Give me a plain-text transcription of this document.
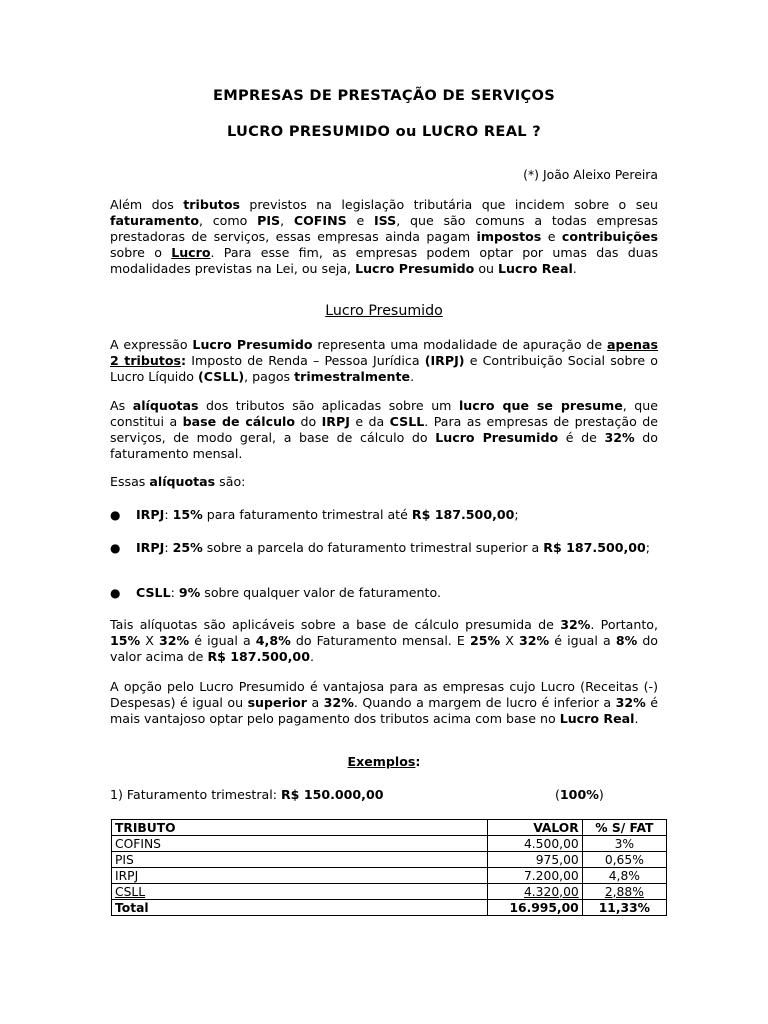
EMPRESAS DE PRESTAÇÃO DE SERVIÇOS
LUCRO PRESUMIDO ou LUCRO REAL ?
(*) João Aleixo Pereira

Além dos tributos previstos na legislação tributária que incidem sobre o seu faturamento, como PIS, COFINS e ISS, que são comuns a todas empresas prestadoras de serviços, essas empresas ainda pagam impostos e contribuições sobre o Lucro. Para esse fim, as empresas podem optar por umas das duas modalidades previstas na Lei, ou seja, Lucro Presumido ou Lucro Real.

Lucro Presumido

A expressão Lucro Presumido representa uma modalidade de apuração de apenas 2 tributos: Imposto de Renda – Pessoa Jurídica (IRPJ) e Contribuição Social sobre o Lucro Líquido (CSLL), pagos trimestralmente.

As alíquotas dos tributos são aplicadas sobre um lucro que se presume, que constitui a base de cálculo do IRPJ e da CSLL. Para as empresas de prestação de serviços, de modo geral, a base de cálculo do Lucro Presumido é de 32% do faturamento mensal.

Essas alíquotas são:

●	IRPJ: 15% para faturamento trimestral até R$ 187.500,00;
●	IRPJ: 25% sobre a parcela do faturamento trimestral superior a R$ 187.500,00;
●	CSLL: 9% sobre qualquer valor de faturamento.

Tais alíquotas são aplicáveis sobre a base de cálculo presumida de 32%. Portanto, 15% X 32% é igual a 4,8% do Faturamento mensal. E 25% X 32% é igual a 8% do valor acima de R$ 187.500,00.

A opção pelo Lucro Presumido é vantajosa para as empresas cujo Lucro (Receitas (-) Despesas) é igual ou superior a 32%. Quando a margem de lucro é inferior a 32% é mais vantajoso optar pelo pagamento dos tributos acima com base no Lucro Real.

Exemplos:
1) Faturamento trimestral: R$ 150.000,00	(100%)
TRIBUTO	VALOR	% S/ FAT
COFINS	4.500,00	3%
PIS	975,00	0,65%
IRPJ	7.200,00	4,8%
CSLL	4.320,00	2,88%
Total	16.995,00	11,33%
